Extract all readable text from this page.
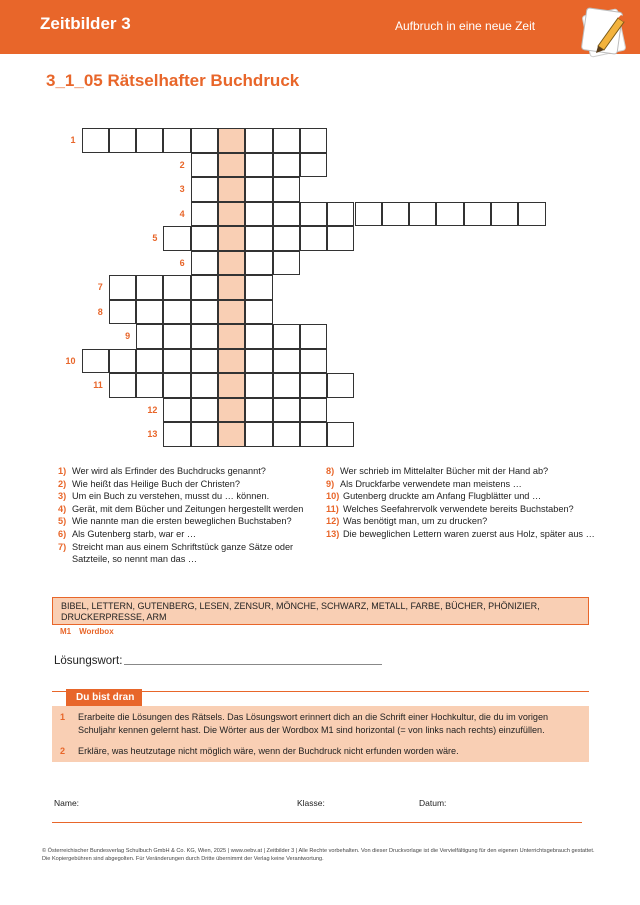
Zeitbilder 3	Aufbruch in eine neue Zeit
3_1_05 Rätselhafter Buchdruck
1
2
3
4
5
6
7
8
9
10
11
12
13

1) Wer wird als Erfinder des Buchdrucks genannt?

2) Wie heißt das Heilige Buch der Christen?

3) Um ein Buch zu verstehen, musst du … können.

4) Gerät, mit dem Bücher und Zeitungen hergestellt werden

5) Wie nannte man die ersten beweglichen Buchstaben?

6) Als Gutenberg starb, war er …

7) Streicht man aus einem Schriftstück ganze Sätze oder Satzteile, so nennt man das …

8) Wer schrieb im Mittelalter Bücher mit der Hand ab?

9) Als Druckfarbe verwendete man meistens …

10) Gutenberg druckte am Anfang Flugblätter und …

11) Welches Seefahrervolk verwendete bereits Buchstaben?

12) Was benötigt man, um zu drucken?

13) Die beweglichen Lettern waren zuerst aus Holz, später aus …

BIBEL, LETTERN, GUTENBERG, LESEN, ZENSUR, MÖNCHE, SCHWARZ, METALL, FARBE, BÜCHER, PHÖNIZIER, DRUCKERPRESSE, ARM
M1 Wordbox
Lösungswort:
Du bist dran
1 Erarbeite die Lösungen des Rätsels. Das Lösungswort erinnert dich an die Schrift einer Hochkultur, die du im vorigen Schuljahr kennen gelernt hast. Die Wörter aus der Wordbox M1 sind horizontal (= von links nach rechts) einzufüllen.
2 Erkläre, was heutzutage nicht möglich wäre, wenn der Buchdruck nicht erfunden worden wäre.
Name:	Klasse:	Datum:
© Österreichischer Bundesverlag Schulbuch GmbH & Co. KG, Wien, 2025 | www.oebv.at | Zeitbilder 3 | Alle Rechte vorbehalten. Von dieser Druckvorlage ist die Vervielfältigung für den eigenen Unterrichtsgebrauch gestattet. Die Kopiergebühren sind abgegolten. Für Veränderungen durch Dritte übernimmt der Verlag keine Verantwortung.
